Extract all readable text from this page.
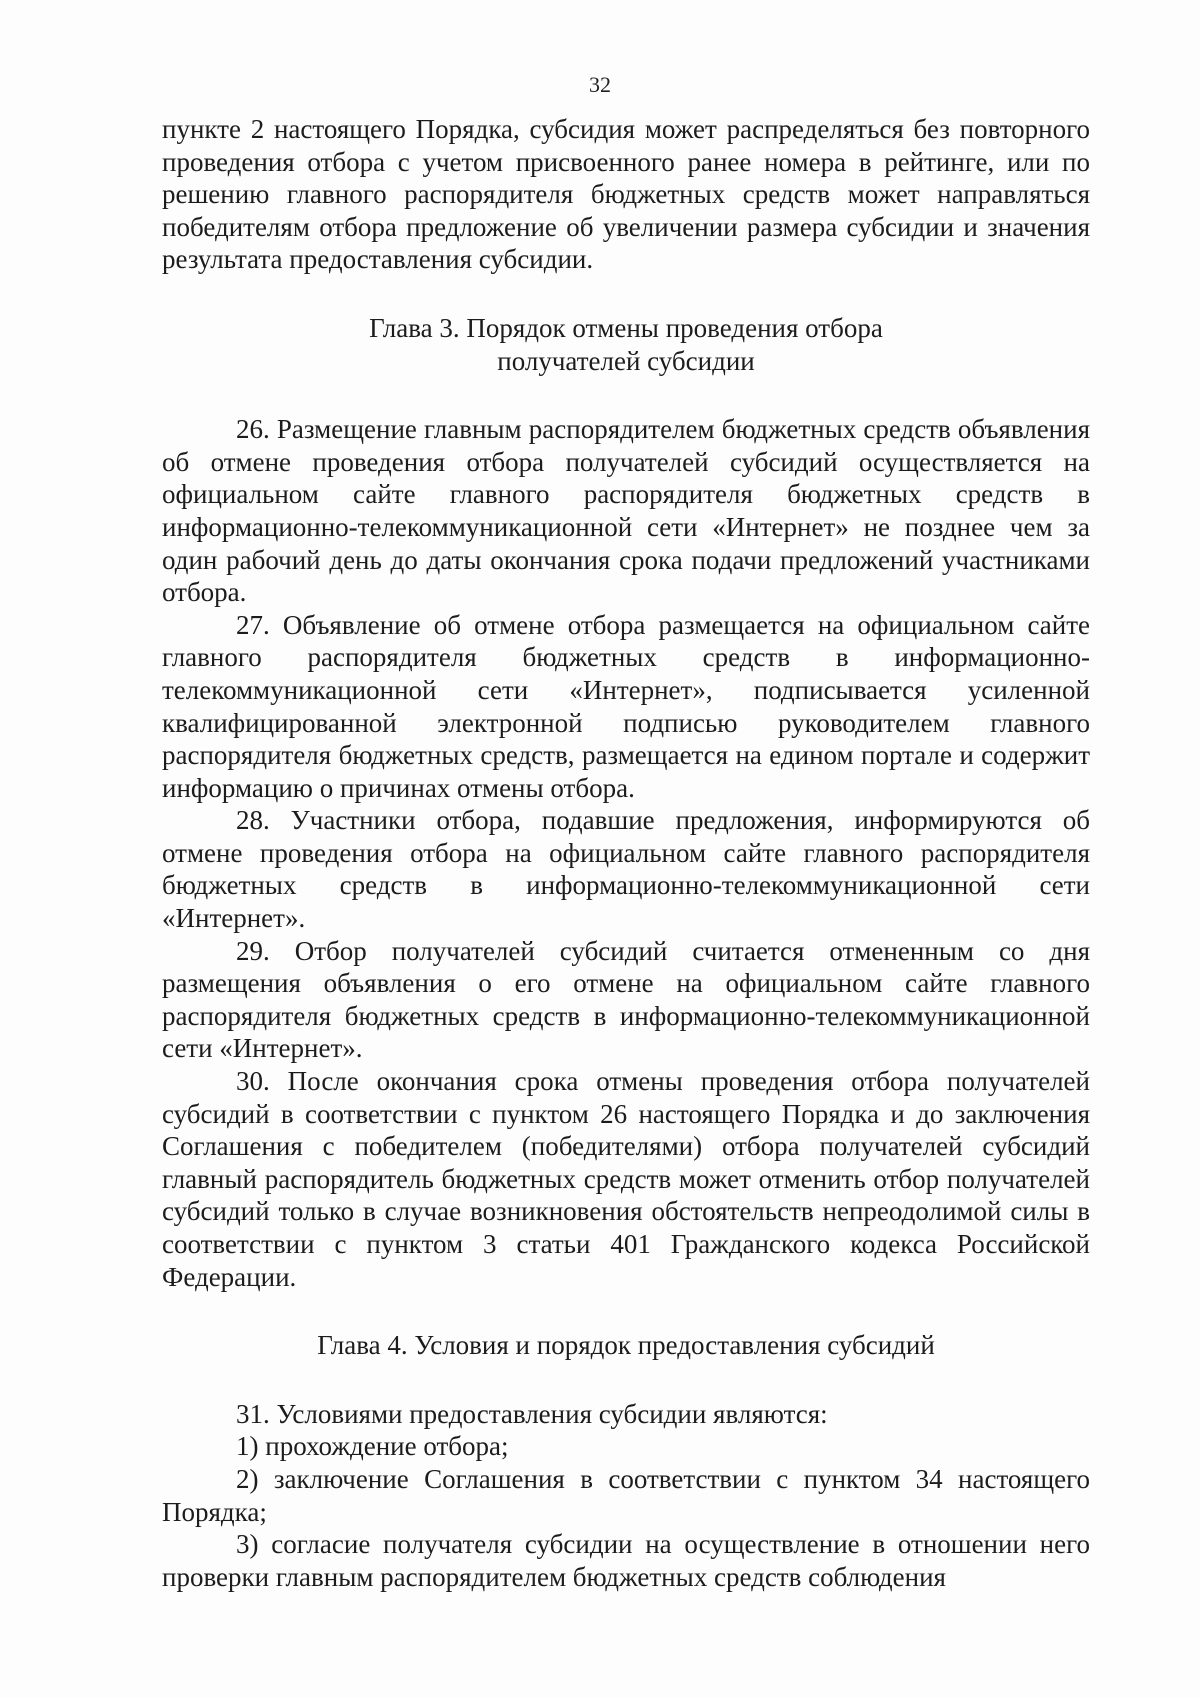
32

пункте 2 настоящего Порядка, субсидия может распределяться без повторного проведения отбора с учетом присвоенного ранее номера в рейтинге, или по решению главного распорядителя бюджетных средств может направляться победителям отбора предложение об увеличении размера субсидии и значения результата предоставления субсидии.

Глава 3. Порядок отмены проведения отбора
получателей субсидии

26. Размещение главным распорядителем бюджетных средств объявления об отмене проведения отбора получателей субсидий осуществляется на официальном сайте главного распорядителя бюджетных средств в информационно-телекоммуникационной сети «Интернет» не позднее чем за один рабочий день до даты окончания срока подачи предложений участниками отбора.

27. Объявление об отмене отбора размещается на официальном сайте главного распорядителя бюджетных средств в информационно-телекоммуникационной сети «Интернет», подписывается усиленной квалифицированной электронной подписью руководителем главного распорядителя бюджетных средств, размещается на едином портале и содержит информацию о причинах отмены отбора.

28. Участники отбора, подавшие предложения, информируются об отмене проведения отбора на официальном сайте главного распорядителя бюджетных средств в информационно-телекоммуникационной сети «Интернет».

29. Отбор получателей субсидий считается отмененным со дня размещения объявления о его отмене на официальном сайте главного распорядителя бюджетных средств в информационно-телекоммуникационной сети «Интернет».

30. После окончания срока отмены проведения отбора получателей субсидий в соответствии с пунктом 26 настоящего Порядка и до заключения Соглашения с победителем (победителями) отбора получателей субсидий главный распорядитель бюджетных средств может отменить отбор получателей субсидий только в случае возникновения обстоятельств непреодолимой силы в соответствии с пунктом 3 статьи 401 Гражданского кодекса Российской Федерации.

Глава 4. Условия и порядок предоставления субсидий

31. Условиями предоставления субсидии являются:

1) прохождение отбора;

2) заключение Соглашения в соответствии с пунктом 34 настоящего Порядка;

3) согласие получателя субсидии на осуществление в отношении него проверки главным распорядителем бюджетных средств соблюдения
